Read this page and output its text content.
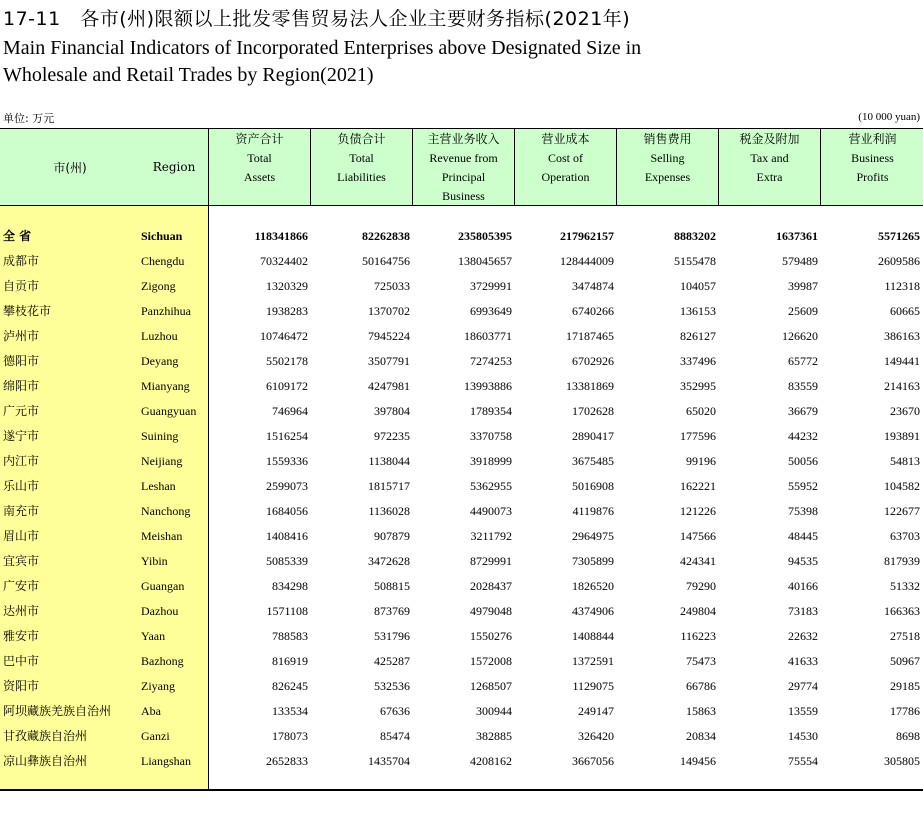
17-11　各市(州)限额以上批发零售贸易法人企业主要财务指标(2021年)
Main Financial Indicators of Incorporated Enterprises above Designated Size in
Wholesale and Retail Trades by Region(2021)
单位: 万元	(10 000 yuan)
市(州)	Region
资产合计
Total
Assets
负债合计
Total
Liabilities
主营业务收入
Revenue from
Principal
Business
营业成本
Cost of
Operation
销售费用
Selling
Expenses
税金及附加
Tax and
Extra
营业利润
Business
Profits
全 省	Sichuan	118341866	82262838	235805395	217962157	8883202	1637361	5571265
成都市	Chengdu	70324402	50164756	138045657	128444009	5155478	579489	2609586
自贡市	Zigong	1320329	725033	3729991	3474874	104057	39987	112318
攀枝花市	Panzhihua	1938283	1370702	6993649	6740266	136153	25609	60665
泸州市	Luzhou	10746472	7945224	18603771	17187465	826127	126620	386163
德阳市	Deyang	5502178	3507791	7274253	6702926	337496	65772	149441
绵阳市	Mianyang	6109172	4247981	13993886	13381869	352995	83559	214163
广元市	Guangyuan	746964	397804	1789354	1702628	65020	36679	23670
遂宁市	Suining	1516254	972235	3370758	2890417	177596	44232	193891
内江市	Neijiang	1559336	1138044	3918999	3675485	99196	50056	54813
乐山市	Leshan	2599073	1815717	5362955	5016908	162221	55952	104582
南充市	Nanchong	1684056	1136028	4490073	4119876	121226	75398	122677
眉山市	Meishan	1408416	907879	3211792	2964975	147566	48445	63703
宜宾市	Yibin	5085339	3472628	8729991	7305899	424341	94535	817939
广安市	Guangan	834298	508815	2028437	1826520	79290	40166	51332
达州市	Dazhou	1571108	873769	4979048	4374906	249804	73183	166363
雅安市	Yaan	788583	531796	1550276	1408844	116223	22632	27518
巴中市	Bazhong	816919	425287	1572008	1372591	75473	41633	50967
资阳市	Ziyang	826245	532536	1268507	1129075	66786	29774	29185
阿坝藏族羌族自治州 Aba	133534	67636	300944	249147	15863	13559	17786
甘孜藏族自治州	Ganzi	178073	85474	382885	326420	20834	14530	8698
凉山彝族自治州	Liangshan	2652833	1435704	4208162	3667056	149456	75554	305805
